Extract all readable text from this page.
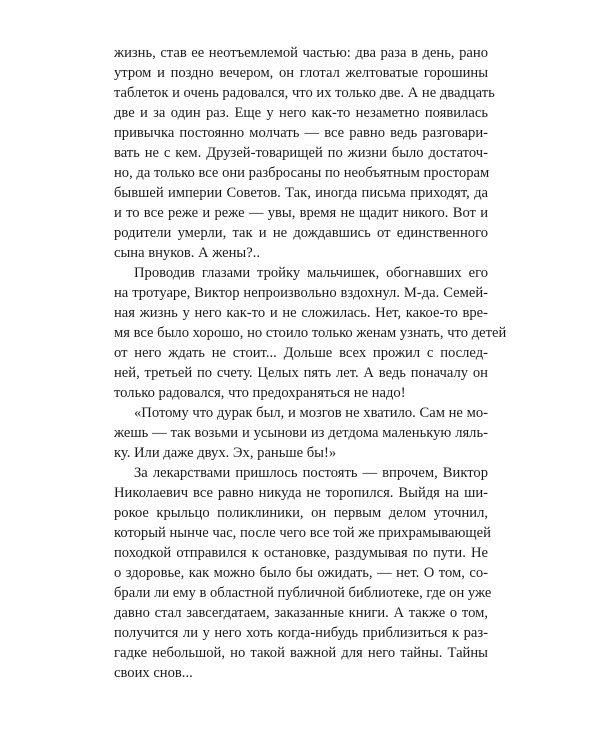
жизнь, став ее неотъемлемой частью: два раза в день, рано
утром и поздно вечером, он глотал желтоватые горошины
таблеток и очень радовался, что их только две. А не двадцать
две и за один раз. Еще у него как-то незаметно появилась
привычка постоянно молчать — все равно ведь разговари-
вать не с кем. Друзей-товарищей по жизни было достаточ-
но, да только все они разбросаны по необъятным просторам
бывшей империи Советов. Так, иногда письма приходят, да
и то все реже и реже — увы, время не щадит никого. Вот и
родители умерли, так и не дождавшись от единственного
сына внуков. А жены?..
Проводив глазами тройку мальчишек, обогнавших его
на тротуаре, Виктор непроизвольно вздохнул. М-да. Семей-
ная жизнь у него как-то и не сложилась. Нет, какое-то вре-
мя все было хорошо, но стоило только женам узнать, что детей
от него ждать не стоит... Дольше всех прожил с послед-
ней, третьей по счету. Целых пять лет. А ведь поначалу он
только радовался, что предохраняться не надо!
«Потому что дурак был, и мозгов не хватило. Сам не мо-
жешь — так возьми и усынови из детдома маленькую ляль-
ку. Или даже двух. Эх, раньше бы!»
За лекарствами пришлось постоять — впрочем, Виктор
Николаевич все равно никуда не торопился. Выйдя на ши-
рокое крыльцо поликлиники, он первым делом уточнил,
который нынче час, после чего все той же прихрамывающей
походкой отправился к остановке, раздумывая по пути. Не
о здоровье, как можно было бы ожидать, — нет. О том, со-
брали ли ему в областной публичной библиотеке, где он уже
давно стал завсегдатаем, заказанные книги. А также о том,
получится ли у него хоть когда-нибудь приблизиться к раз-
гадке небольшой, но такой важной для него тайны. Тайны
своих снов...
